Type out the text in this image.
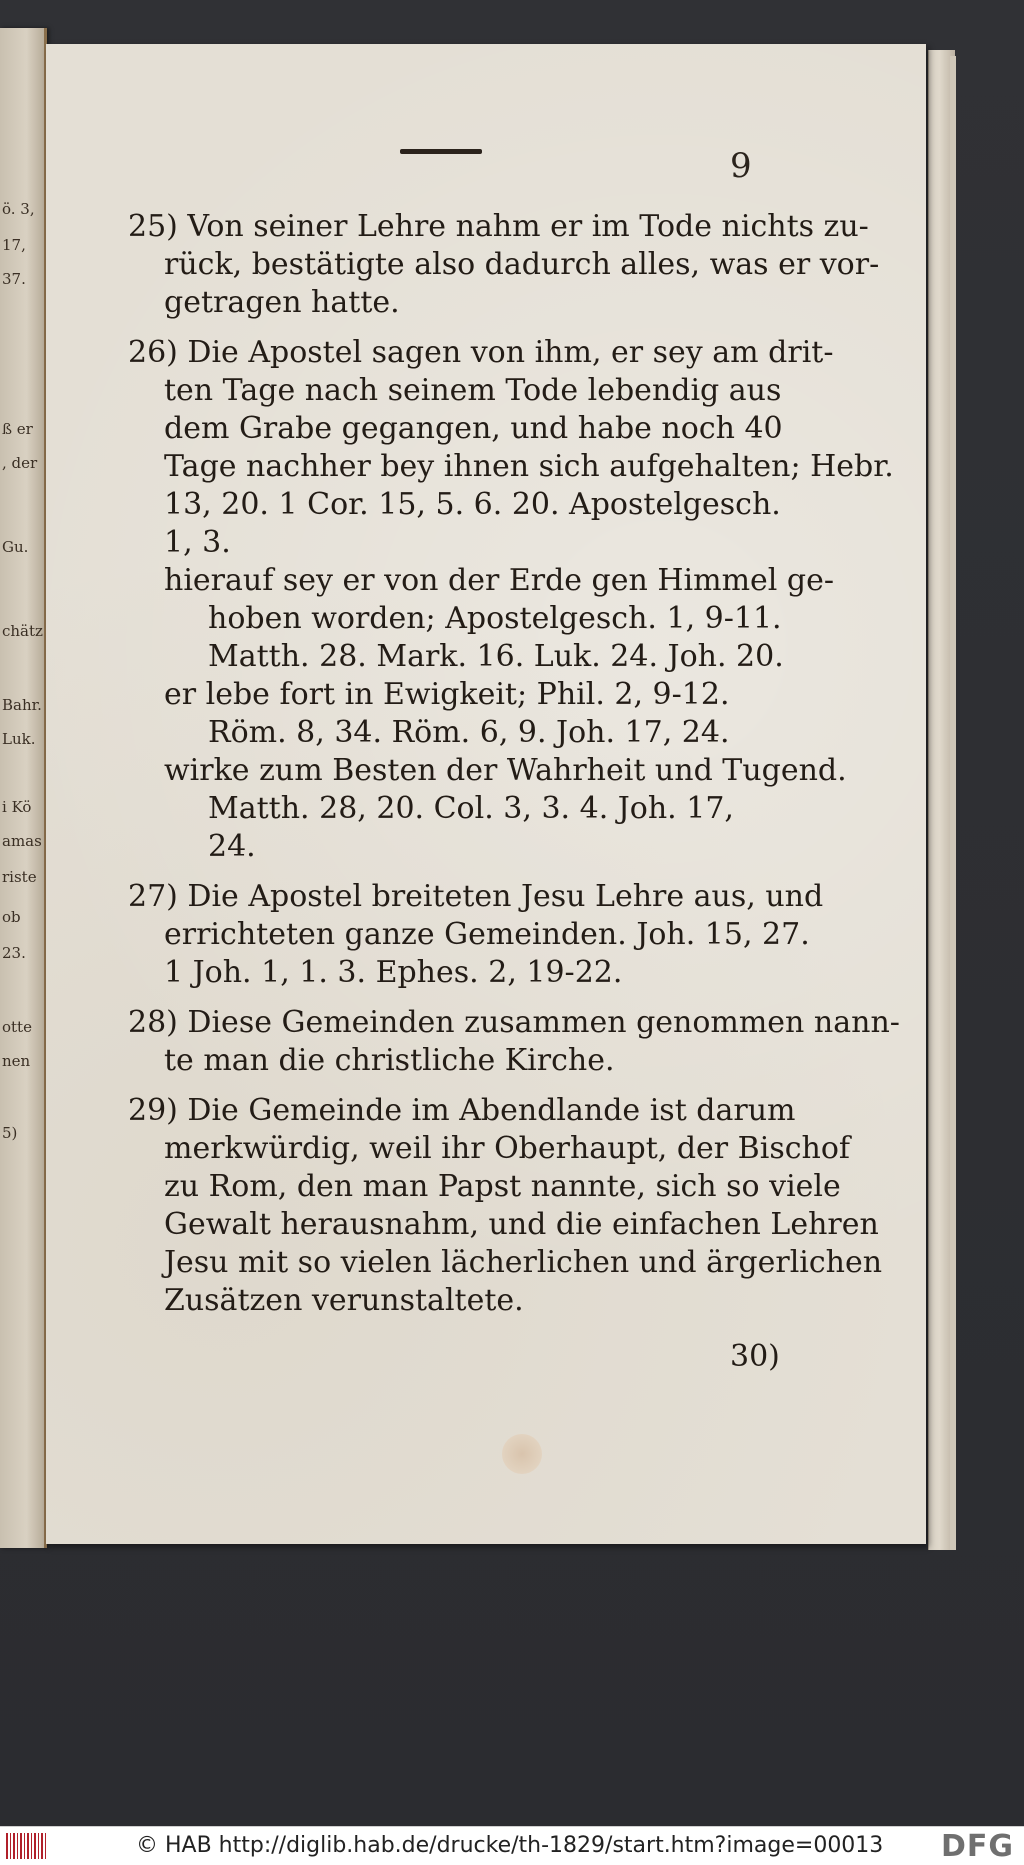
ö. 3,
17,
37.
ß er
, der
Gu.
chätz
Bahr.
Luk.
i Kö
amas
riste
ob
23.
otte
nen
5)
9
25) Von seiner Lehre nahm er im Tode nichts zu-
rück, bestätigte also dadurch alles, was er vor-
getragen hatte.
26) Die Apostel sagen von ihm, er sey am drit-
ten Tage nach seinem Tode lebendig aus
dem Grabe gegangen, und habe noch 40
Tage nachher bey ihnen sich aufgehalten; Hebr.
13, 20. 1 Cor. 15, 5. 6. 20. Apostelgesch.
1, 3.
hierauf sey er von der Erde gen Himmel ge-
hoben worden; Apostelgesch. 1, 9-11.
Matth. 28. Mark. 16. Luk. 24. Joh. 20.
er lebe fort in Ewigkeit; Phil. 2, 9-12.
Röm. 8, 34. Röm. 6, 9. Joh. 17, 24.
wirke zum Besten der Wahrheit und Tugend.
Matth. 28, 20. Col. 3, 3. 4. Joh. 17,
24.
27) Die Apostel breiteten Jesu Lehre aus, und
errichteten ganze Gemeinden. Joh. 15, 27.
1 Joh. 1, 1. 3. Ephes. 2, 19-22.
28) Diese Gemeinden zusammen genommen nann-
te man die christliche Kirche.
29) Die Gemeinde im Abendlande ist darum
merkwürdig, weil ihr Oberhaupt, der Bischof
zu Rom, den man Papst nannte, sich so viele
Gewalt herausnahm, und die einfachen Lehren
Jesu mit so vielen lächerlichen und ärgerlichen
Zusätzen verunstaltete.
30)
© HAB http://diglib.hab.de/drucke/th-1829/start.htm?image=00013 DFG
